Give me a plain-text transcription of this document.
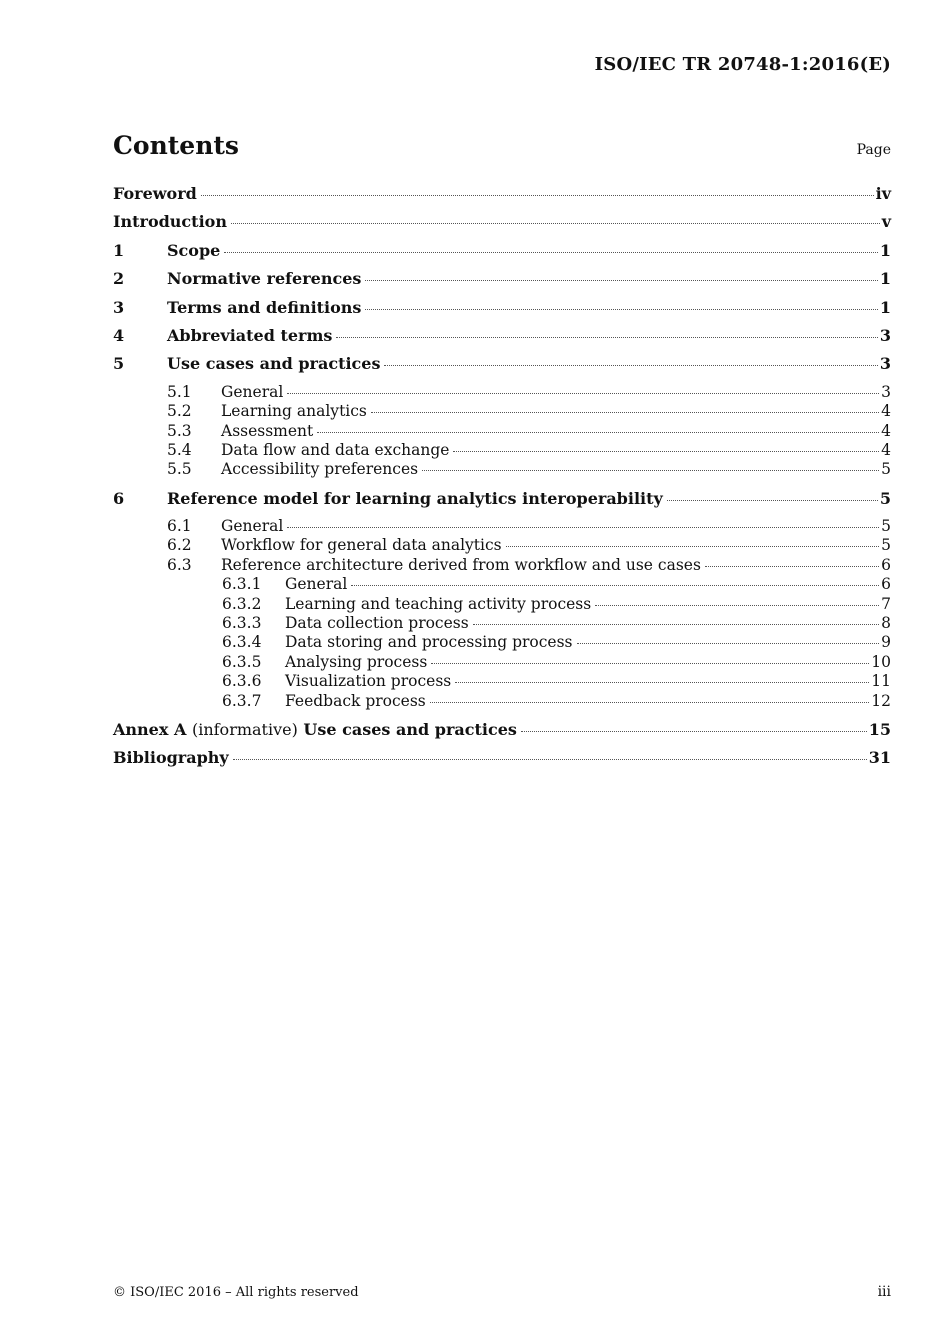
ISO/IEC TR 20748-1:2016(E)
Contents	Page
Foreword	iv
Introduction	v
1	Scope	1
2	Normative references	1
3	Terms and definitions	1
4	Abbreviated terms	3
5	Use cases and practices	3
5.1	General	3
5.2	Learning analytics	4
5.3	Assessment	4
5.4	Data flow and data exchange	4
5.5	Accessibility preferences	5
6	Reference model for learning analytics interoperability	5
6.1	General	5
6.2	Workflow for general data analytics	5
6.3	Reference architecture derived from workflow and use cases	6
6.3.1	General	6
6.3.2	Learning and teaching activity process	7
6.3.3	Data collection process	8
6.3.4	Data storing and processing process	9
6.3.5	Analysing process	10
6.3.6	Visualization process	11
6.3.7	Feedback process	12
Annex A (informative) Use cases and practices	15
Bibliography	31
© ISO/IEC 2016 – All rights reserved	iii
